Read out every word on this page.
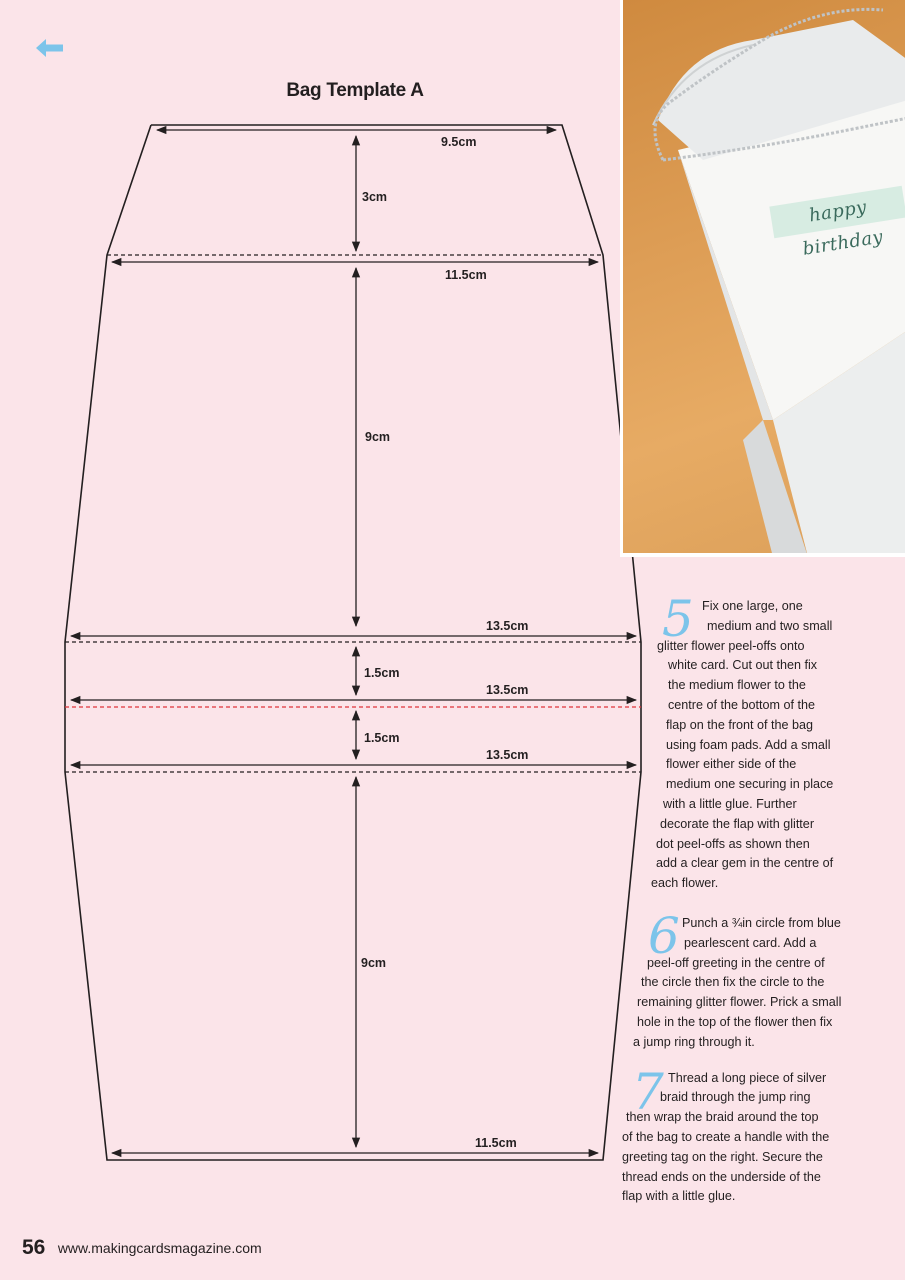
Bag Template A
9.5cm
3cm
11.5cm
9cm
13.5cm
1.5cm
13.5cm
1.5cm
13.5cm
9cm
11.5cm
happy birthday
5 Fix one large, one
medium and two small
glitter flower peel-offs onto
white card. Cut out then fix
the medium flower to the
centre of the bottom of the
flap on the front of the bag
using foam pads. Add a small
flower either side of the
medium one securing in place
with a little glue. Further
decorate the flap with glitter
dot peel-offs as shown then
add a clear gem in the centre of
each flower.
6 Punch a ¾in circle from blue
pearlescent card. Add a
peel-off greeting in the centre of
the circle then fix the circle to the
remaining glitter flower. Prick a small
hole in the top of the flower then fix
a jump ring through it.
7 Thread a long piece of silver
braid through the jump ring
then wrap the braid around the top
of the bag to create a handle with the
greeting tag on the right. Secure the
thread ends on the underside of the
flap with a little glue.
56 www.makingcardsmagazine.com
